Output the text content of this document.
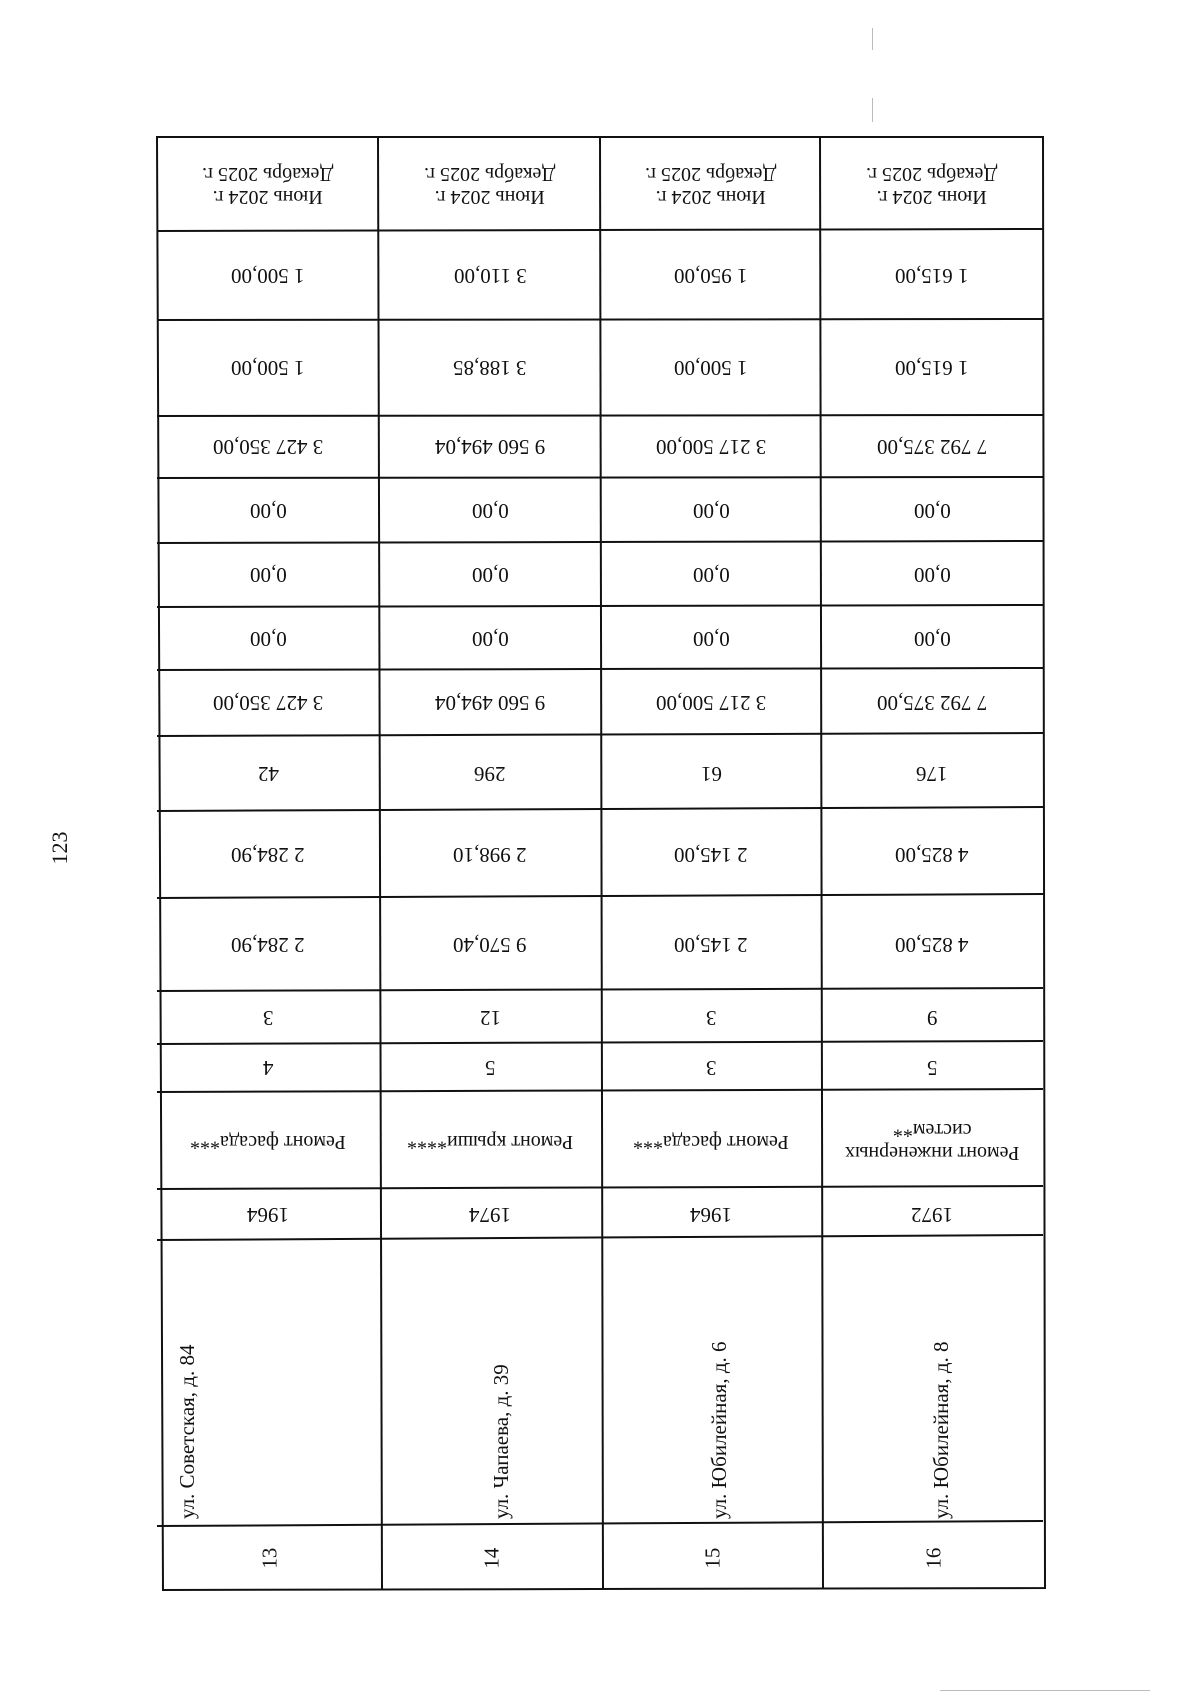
123
Июнь 2024 г.
Декабрь 2025 г.
1 500,00
1 500,00
3 427 350,00
0,00
0,00
0,00
3 427 350,00
42
2 284,90
2 284,90
3
4
Ремонт фасада***
1964
ул. Советская, д. 84
13
Июнь 2024 г.
Декабрь 2025 г.
3 110,00
3 188,85
9 560 494,04
0,00
0,00
0,00
9 560 494,04
296
2 998,10
9 570,40
12
5
Ремонт крыши****
1974
ул. Чапаева, д. 39
14
Июнь 2024 г.
Декабрь 2025 г.
1 950,00
1 500,00
3 217 500,00
0,00
0,00
0,00
3 217 500,00
61
2 145,00
2 145,00
3
3
Ремонт фасада***
1964
ул. Юбилейная, д. 6
15
Июнь 2024 г.
Декабрь 2025 г.
1 615,00
1 615,00
7 792 375,00
0,00
0,00
0,00
7 792 375,00
176
4 825,00
4 825,00
9
5
Ремонт инженерных
систем**
1972
ул. Юбилейная, д. 8
16
